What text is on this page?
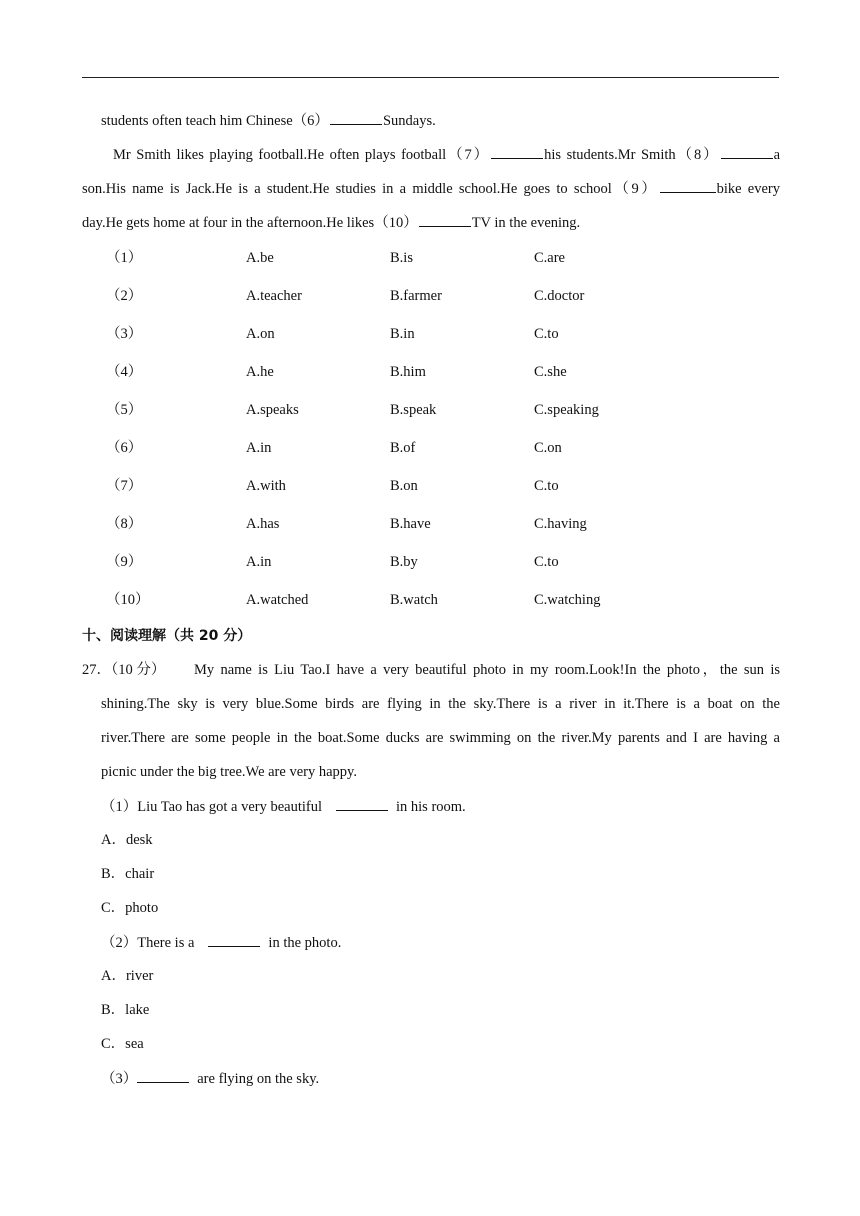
students often teach him Chinese（6）	Sundays.
Mr Smith likes playing football.He often plays football（7）	his students.Mr Smith（8）	a
son.His name is Jack.He is a student.He studies in a middle school.He goes to school（9）	bike every
day.He gets home at four in the afternoon.He likes（10）	TV in the evening.
（1）	A.be	B.is	C.are
（2）	A.teacher	B.farmer	C.doctor
（3）	A.on	B.in	C.to
（4）	A.he	B.him	C.she
（5）	A.speaks	B.speak	C.speaking
（6）	A.in	B.of	C.on
（7）	A.with	B.on	C.to
（8）	A.has	B.have	C.having
（9）	A.in	B.by	C.to
（10）	A.watched	B.watch	C.watching
十、阅读理解（共 20 分）
27．（10 分） My name is Liu Tao.I have a very beautiful photo in my room.Look!In the photo，the sun is
shining.The sky is very blue.Some birds are flying in the sky.There is a river in it.There is a boat on the
river.There are some people in the boat.Some ducks are swimming on the river.My parents and I are having a
picnic under the big tree.We are very happy.
（1）Liu Tao has got a very beautiful	in his room.
A．desk
B．chair
C．photo
（2）There is a	in the photo.
A．river
B．lake
C．sea
（3）	are flying on the sky.
